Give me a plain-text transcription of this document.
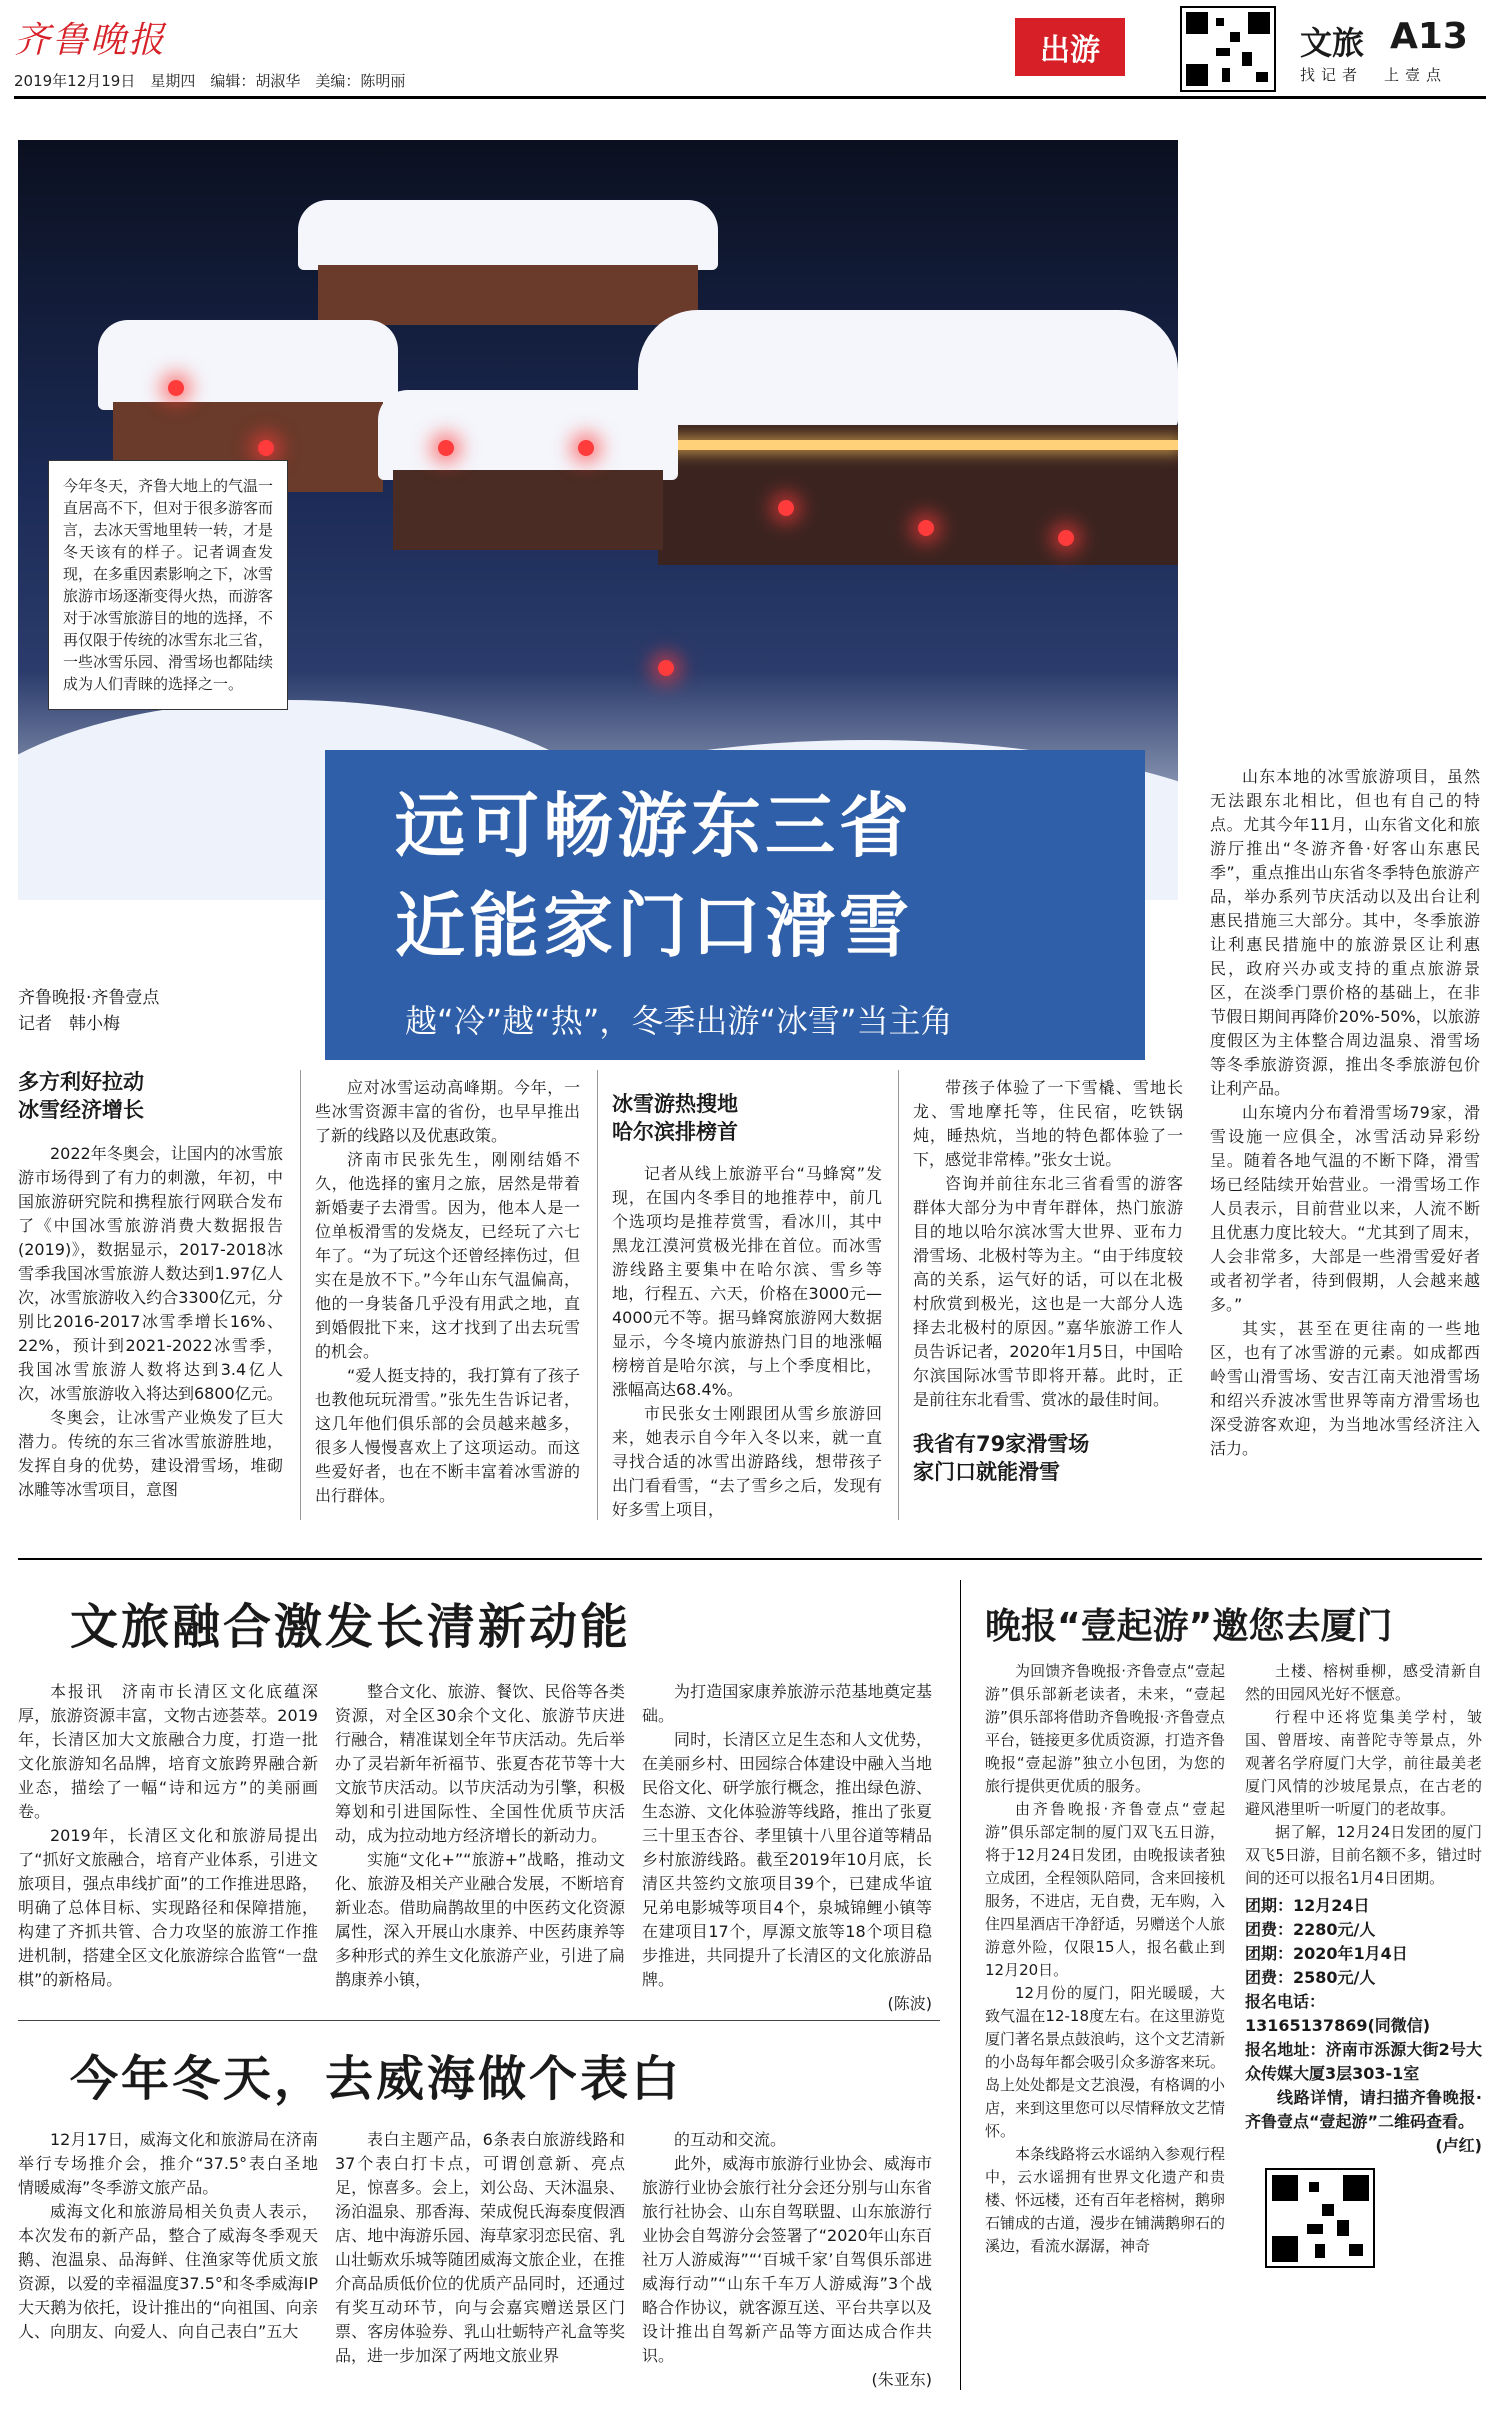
齐鲁晚报
2019年12月19日　星期四　编辑：胡淑华　美编：陈明丽
出游	文旅 A13
找记者　上壹点
今年冬天，齐鲁大地上的气温一直居高不下，但对于很多游客而言，去冰天雪地里转一转，才是冬天该有的样子。记者调查发现，在多重因素影响之下，冰雪旅游市场逐渐变得火热，而游客对于冰雪旅游目的地的选择，不再仅限于传统的冰雪东北三省，一些冰雪乐园、滑雪场也都陆续成为人们青睐的选择之一。
远可畅游东三省
近能家门口滑雪
越“冷”越“热”，冬季出游“冰雪”当主角
齐鲁晚报·齐鲁壹点
记者　韩小梅

山东本地的冰雪旅游项目，虽然无法跟东北相比，但也有自己的特点。尤其今年11月，山东省文化和旅游厅推出“冬游齐鲁·好客山东惠民季”，重点推出山东省冬季特色旅游产品，举办系列节庆活动以及出台让利惠民措施三大部分。其中，冬季旅游让利惠民措施中的旅游景区让利惠民，政府兴办或支持的重点旅游景区，在淡季门票价格的基础上，在非节假日期间再降价20%-50%，以旅游度假区为主体整合周边温泉、滑雪场等冬季旅游资源，推出冬季旅游包价让利产品。

山东境内分布着滑雪场79家，滑雪设施一应俱全，冰雪活动异彩纷呈。随着各地气温的不断下降，滑雪场已经陆续开始营业。一滑雪场工作人员表示，目前营业以来，人流不断且优惠力度比较大。“尤其到了周末，人会非常多，大部是一些滑雪爱好者或者初学者，待到假期，人会越来越多。”

其实，甚至在更往南的一些地区，也有了冰雪游的元素。如成都西岭雪山滑雪场、安吉江南天池滑雪场和绍兴乔波冰雪世界等南方滑雪场也深受游客欢迎，为当地冰雪经济注入活力。

多方利好拉动
冰雪经济增长

2022年冬奥会，让国内的冰雪旅游市场得到了有力的刺激，年初，中国旅游研究院和携程旅行网联合发布了《中国冰雪旅游消费大数据报告(2019)》，数据显示，2017-2018冰雪季我国冰雪旅游人数达到1.97亿人次，冰雪旅游收入约合3300亿元，分别比2016-2017冰雪季增长16%、22%，预计到2021-2022冰雪季，我国冰雪旅游人数将达到3.4亿人次，冰雪旅游收入将达到6800亿元。

冬奥会，让冰雪产业焕发了巨大潜力。传统的东三省冰雪旅游胜地，发挥自身的优势，建设滑雪场，堆砌冰雕等冰雪项目，意图

应对冰雪运动高峰期。今年，一些冰雪资源丰富的省份，也早早推出了新的线路以及优惠政策。

济南市民张先生，刚刚结婚不久，他选择的蜜月之旅，居然是带着新婚妻子去滑雪。因为，他本人是一位单板滑雪的发烧友，已经玩了六七年了。“为了玩这个还曾经摔伤过，但实在是放不下。”今年山东气温偏高，他的一身装备几乎没有用武之地，直到婚假批下来，这才找到了出去玩雪的机会。

“爱人挺支持的，我打算有了孩子也教他玩玩滑雪。”张先生告诉记者，这几年他们俱乐部的会员越来越多，很多人慢慢喜欢上了这项运动。而这些爱好者，也在不断丰富着冰雪游的出行群体。

冰雪游热搜地
哈尔滨排榜首

记者从线上旅游平台“马蜂窝”发现，在国内冬季目的地推荐中，前几个选项均是推荐赏雪，看冰川，其中黑龙江漠河赏极光排在首位。而冰雪游线路主要集中在哈尔滨、雪乡等地，行程五、六天，价格在3000元—4000元不等。据马蜂窝旅游网大数据显示，今冬境内旅游热门目的地涨幅榜榜首是哈尔滨，与上个季度相比，涨幅高达68.4%。

市民张女士刚跟团从雪乡旅游回来，她表示自今年入冬以来，就一直寻找合适的冰雪出游路线，想带孩子出门看看雪，“去了雪乡之后，发现有好多雪上项目，

带孩子体验了一下雪橇、雪地长龙、雪地摩托等，住民宿，吃铁锅炖，睡热炕，当地的特色都体验了一下，感觉非常棒。”张女士说。

咨询并前往东北三省看雪的游客群体大部分为中青年群体，热门旅游目的地以哈尔滨冰雪大世界、亚布力滑雪场、北极村等为主。“由于纬度较高的关系，运气好的话，可以在北极村欣赏到极光，这也是一大部分人选择去北极村的原因。”嘉华旅游工作人员告诉记者，2020年1月5日，中国哈尔滨国际冰雪节即将开幕。此时，正是前往东北看雪、赏冰的最佳时间。

我省有79家滑雪场
家门口就能滑雪
文旅融合激发长清新动能

本报讯　济南市长清区文化底蕴深厚，旅游资源丰富，文物古迹荟萃。2019年，长清区加大文旅融合力度，打造一批文化旅游知名品牌，培育文旅跨界融合新业态，描绘了一幅“诗和远方”的美丽画卷。

2019年，长清区文化和旅游局提出了“抓好文旅融合，培育产业体系，引进文旅项目，强点串线扩面”的工作推进思路，明确了总体目标、实现路径和保障措施，构建了齐抓共管、合力攻坚的旅游工作推进机制，搭建全区文化旅游综合监管“一盘棋”的新格局。

整合文化、旅游、餐饮、民俗等各类资源，对全区30余个文化、旅游节庆进行融合，精准谋划全年节庆活动。先后举办了灵岩新年祈福节、张夏杏花节等十大文旅节庆活动。以节庆活动为引擎，积极筹划和引进国际性、全国性优质节庆活动，成为拉动地方经济增长的新动力。

实施“文化+”“旅游+”战略，推动文化、旅游及相关产业融合发展，不断培育新业态。借助扁鹊故里的中医药文化资源属性，深入开展山水康养、中医药康养等多种形式的养生文化旅游产业，引进了扁鹊康养小镇，

为打造国家康养旅游示范基地奠定基础。

同时，长清区立足生态和人文优势，在美丽乡村、田园综合体建设中融入当地民俗文化、研学旅行概念，推出绿色游、生态游、文化体验游等线路，推出了张夏三十里玉杏谷、孝里镇十八里谷道等精品乡村旅游线路。截至2019年10月底，长清区共签约文旅项目39个，已建成华谊兄弟电影城等项目4个，泉城锦鲤小镇等在建项目17个，厚源文旅等18个项目稳步推进，共同提升了长清区的文化旅游品牌。

(陈波)
今年冬天，去威海做个表白

12月17日，威海文化和旅游局在济南举行专场推介会，推介“37.5°表白圣地　情暖威海”冬季游文旅产品。

威海文化和旅游局相关负责人表示，本次发布的新产品，整合了威海冬季观天鹅、泡温泉、品海鲜、住渔家等优质文旅资源，以爱的幸福温度37.5°和冬季威海IP大天鹅为依托，设计推出的“向祖国、向亲人、向朋友、向爱人、向自己表白”五大

表白主题产品，6条表白旅游线路和37个表白打卡点，可谓创意新、亮点足，惊喜多。会上，刘公岛、天沐温泉、汤泊温泉、那香海、荣成倪氏海泰度假酒店、地中海游乐园、海草家羽恋民宿、乳山壮蛎欢乐城等随团威海文旅企业，在推介高品质低价位的优质产品同时，还通过有奖互动环节，向与会嘉宾赠送景区门票、客房体验券、乳山壮蛎特产礼盒等奖品，进一步加深了两地文旅业界

的互动和交流。

此外，威海市旅游行业协会、威海市旅游行业协会旅行社分会还分别与山东省旅行社协会、山东自驾联盟、山东旅游行业协会自驾游分会签署了“2020年山东百社万人游威海”“‘百城千家’自驾俱乐部进威海行动”“山东千车万人游威海”3个战略合作协议，就客源互送、平台共享以及设计推出自驾新产品等方面达成合作共识。

(朱亚东)
晚报“壹起游”邀您去厦门

为回馈齐鲁晚报·齐鲁壹点“壹起游”俱乐部新老读者，未来，“壹起游”俱乐部将借助齐鲁晚报·齐鲁壹点平台，链接更多优质资源，打造齐鲁晚报“壹起游”独立小包团，为您的旅行提供更优质的服务。

由齐鲁晚报·齐鲁壹点“壹起游”俱乐部定制的厦门双飞五日游，将于12月24日发团，由晚报读者独立成团，全程领队陪同，含来回接机服务，不进店，无自费，无车购，入住四星酒店干净舒适，另赠送个人旅游意外险，仅限15人，报名截止到12月20日。

12月份的厦门，阳光暖暖，大致气温在12-18度左右。在这里游览厦门著名景点鼓浪屿，这个文艺清新的小岛每年都会吸引众多游客来玩。岛上处处都是文艺浪漫，有格调的小店，来到这里您可以尽情释放文艺情怀。

本条线路将云水谣纳入参观行程中，云水谣拥有世界文化遗产和贵楼、怀远楼，还有百年老榕树，鹅卵石铺成的古道，漫步在铺满鹅卵石的溪边，看流水潺潺，神奇

土楼、榕树垂柳，感受清新自然的田园风光好不惬意。

行程中还将览集美学村，皱国、曾厝垵、南普陀寺等景点，外观著名学府厦门大学，前往最美老厦门风情的沙坡尾景点，在古老的避风港里听一听厦门的老故事。

据了解，12月24日发团的厦门双飞5日游，目前名额不多，错过时间的还可以报名1月4日团期。

团期：12月24日
团费：2280元/人
团期：2020年1月4日
团费：2580元/人
报名电话：
13165137869(同微信)
报名地址：济南市泺源大街2号大众传媒大厦3层303-1室
线路详情，请扫描齐鲁晚报·齐鲁壹点“壹起游”二维码查看。
(卢红)
